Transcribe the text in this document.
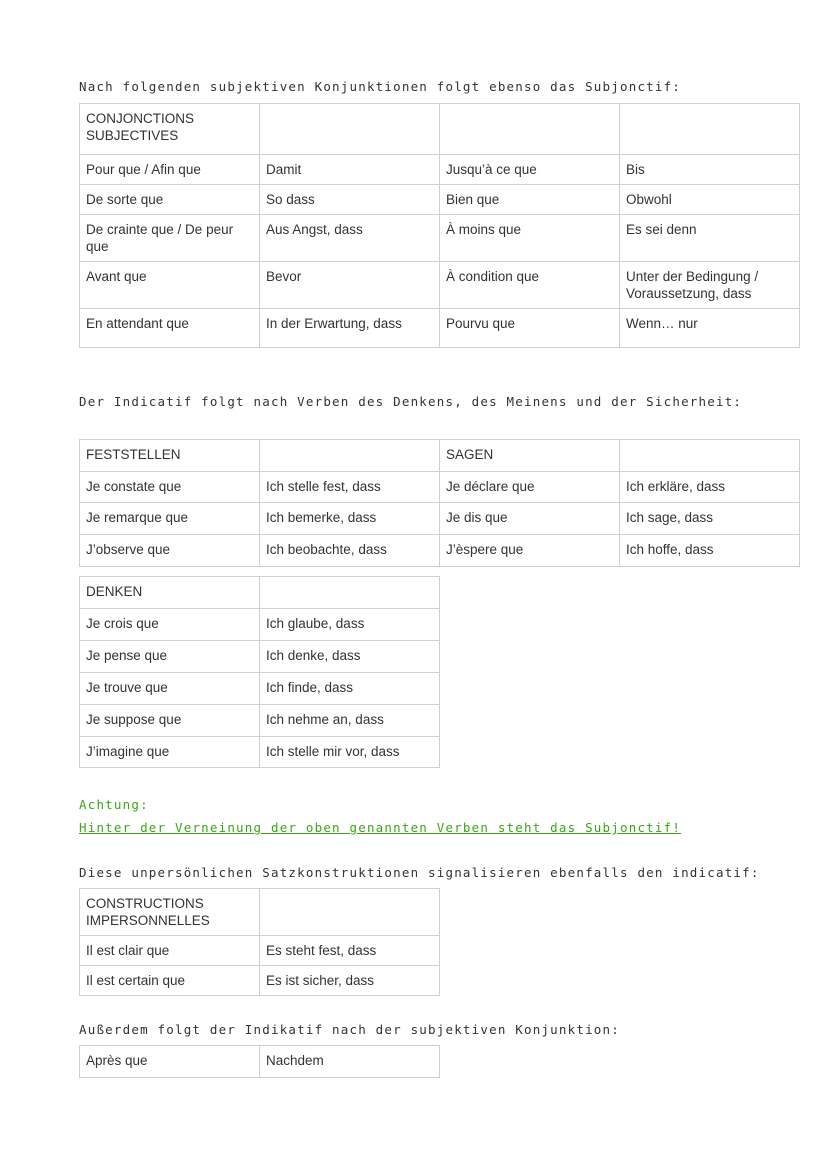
Nach folgenden subjektiven Konjunktionen folgt ebenso das Subjonctif:
CONJONCTIONS SUBJECTIVES			
Pour que / Afin que	Damit	Jusqu’à ce que	Bis
De sorte que	So dass	Bien que	Obwohl
De crainte que / De peur que	Aus Angst, dass	À moins que	Es sei denn
Avant que	Bevor	À condition que	Unter der Bedingung / Voraussetzung, dass
En attendant que	In der Erwartung, dass	Pourvu que	Wenn… nur
Der Indicatif folgt nach Verben des Denkens, des Meinens und der Sicherheit:
FESTSTELLEN		SAGEN	
Je constate que	Ich stelle fest, dass	Je déclare que	Ich erkläre, dass
Je remarque que	Ich bemerke, dass	Je dis que	Ich sage, dass
J’observe que	Ich beobachte, dass	J’èspere que	Ich hoffe, dass
DENKEN	
Je crois que	Ich glaube, dass
Je pense que	Ich denke, dass
Je trouve que	Ich finde, dass
Je suppose que	Ich nehme an, dass
J’imagine que	Ich stelle mir vor, dass
Achtung:
Hinter der Verneinung der oben genannten Verben steht das Subjonctif!
Diese unpersönlichen Satzkonstruktionen signalisieren ebenfalls den indicatif:
CONSTRUCTIONS IMPERSONNELLES	
Il est clair que	Es steht fest, dass
Il est certain que	Es ist sicher, dass
Außerdem folgt der Indikatif nach der subjektiven Konjunktion:
Après que	Nachdem
